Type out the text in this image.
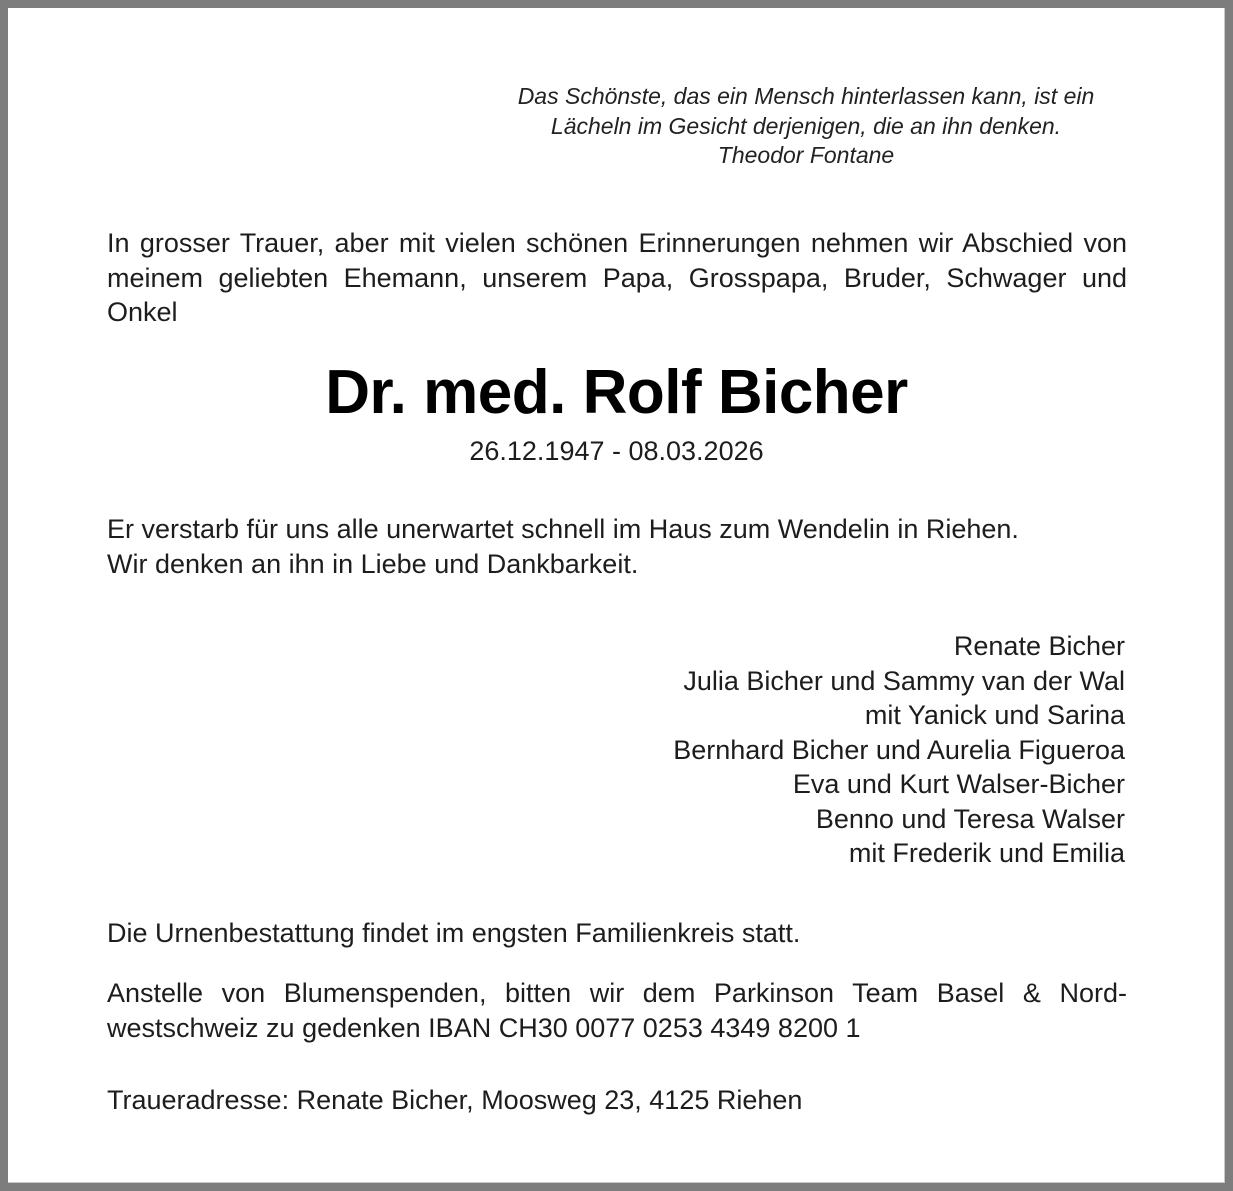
Das Schönste, das ein Mensch hinterlassen kann, ist ein
Lächeln im Gesicht derjenigen, die an ihn denken.
Theodor Fontane
In grosser Trauer, aber mit vielen schönen Erinnerungen nehmen wir Abschied von meinem geliebten Ehemann, unserem Papa, Grosspapa, Bruder, Schwager und Onkel
Dr. med. Rolf Bicher
26.12.1947 - 08.03.2026
Er verstarb für uns alle unerwartet schnell im Haus zum Wendelin in Riehen.
Wir denken an ihn in Liebe und Dankbarkeit.
Renate Bicher
Julia Bicher und Sammy van der Wal
mit Yanick und Sarina
Bernhard Bicher und Aurelia Figueroa
Eva und Kurt Walser-Bicher
Benno und Teresa Walser
mit Frederik und Emilia
Die Urnenbestattung findet im engsten Familienkreis statt.
Anstelle von Blumenspenden, bitten wir dem Parkinson Team Basel & Nord-westschweiz zu gedenken IBAN CH30 0077 0253 4349 8200 1
Traueradresse: Renate Bicher, Moosweg 23, 4125 Riehen
